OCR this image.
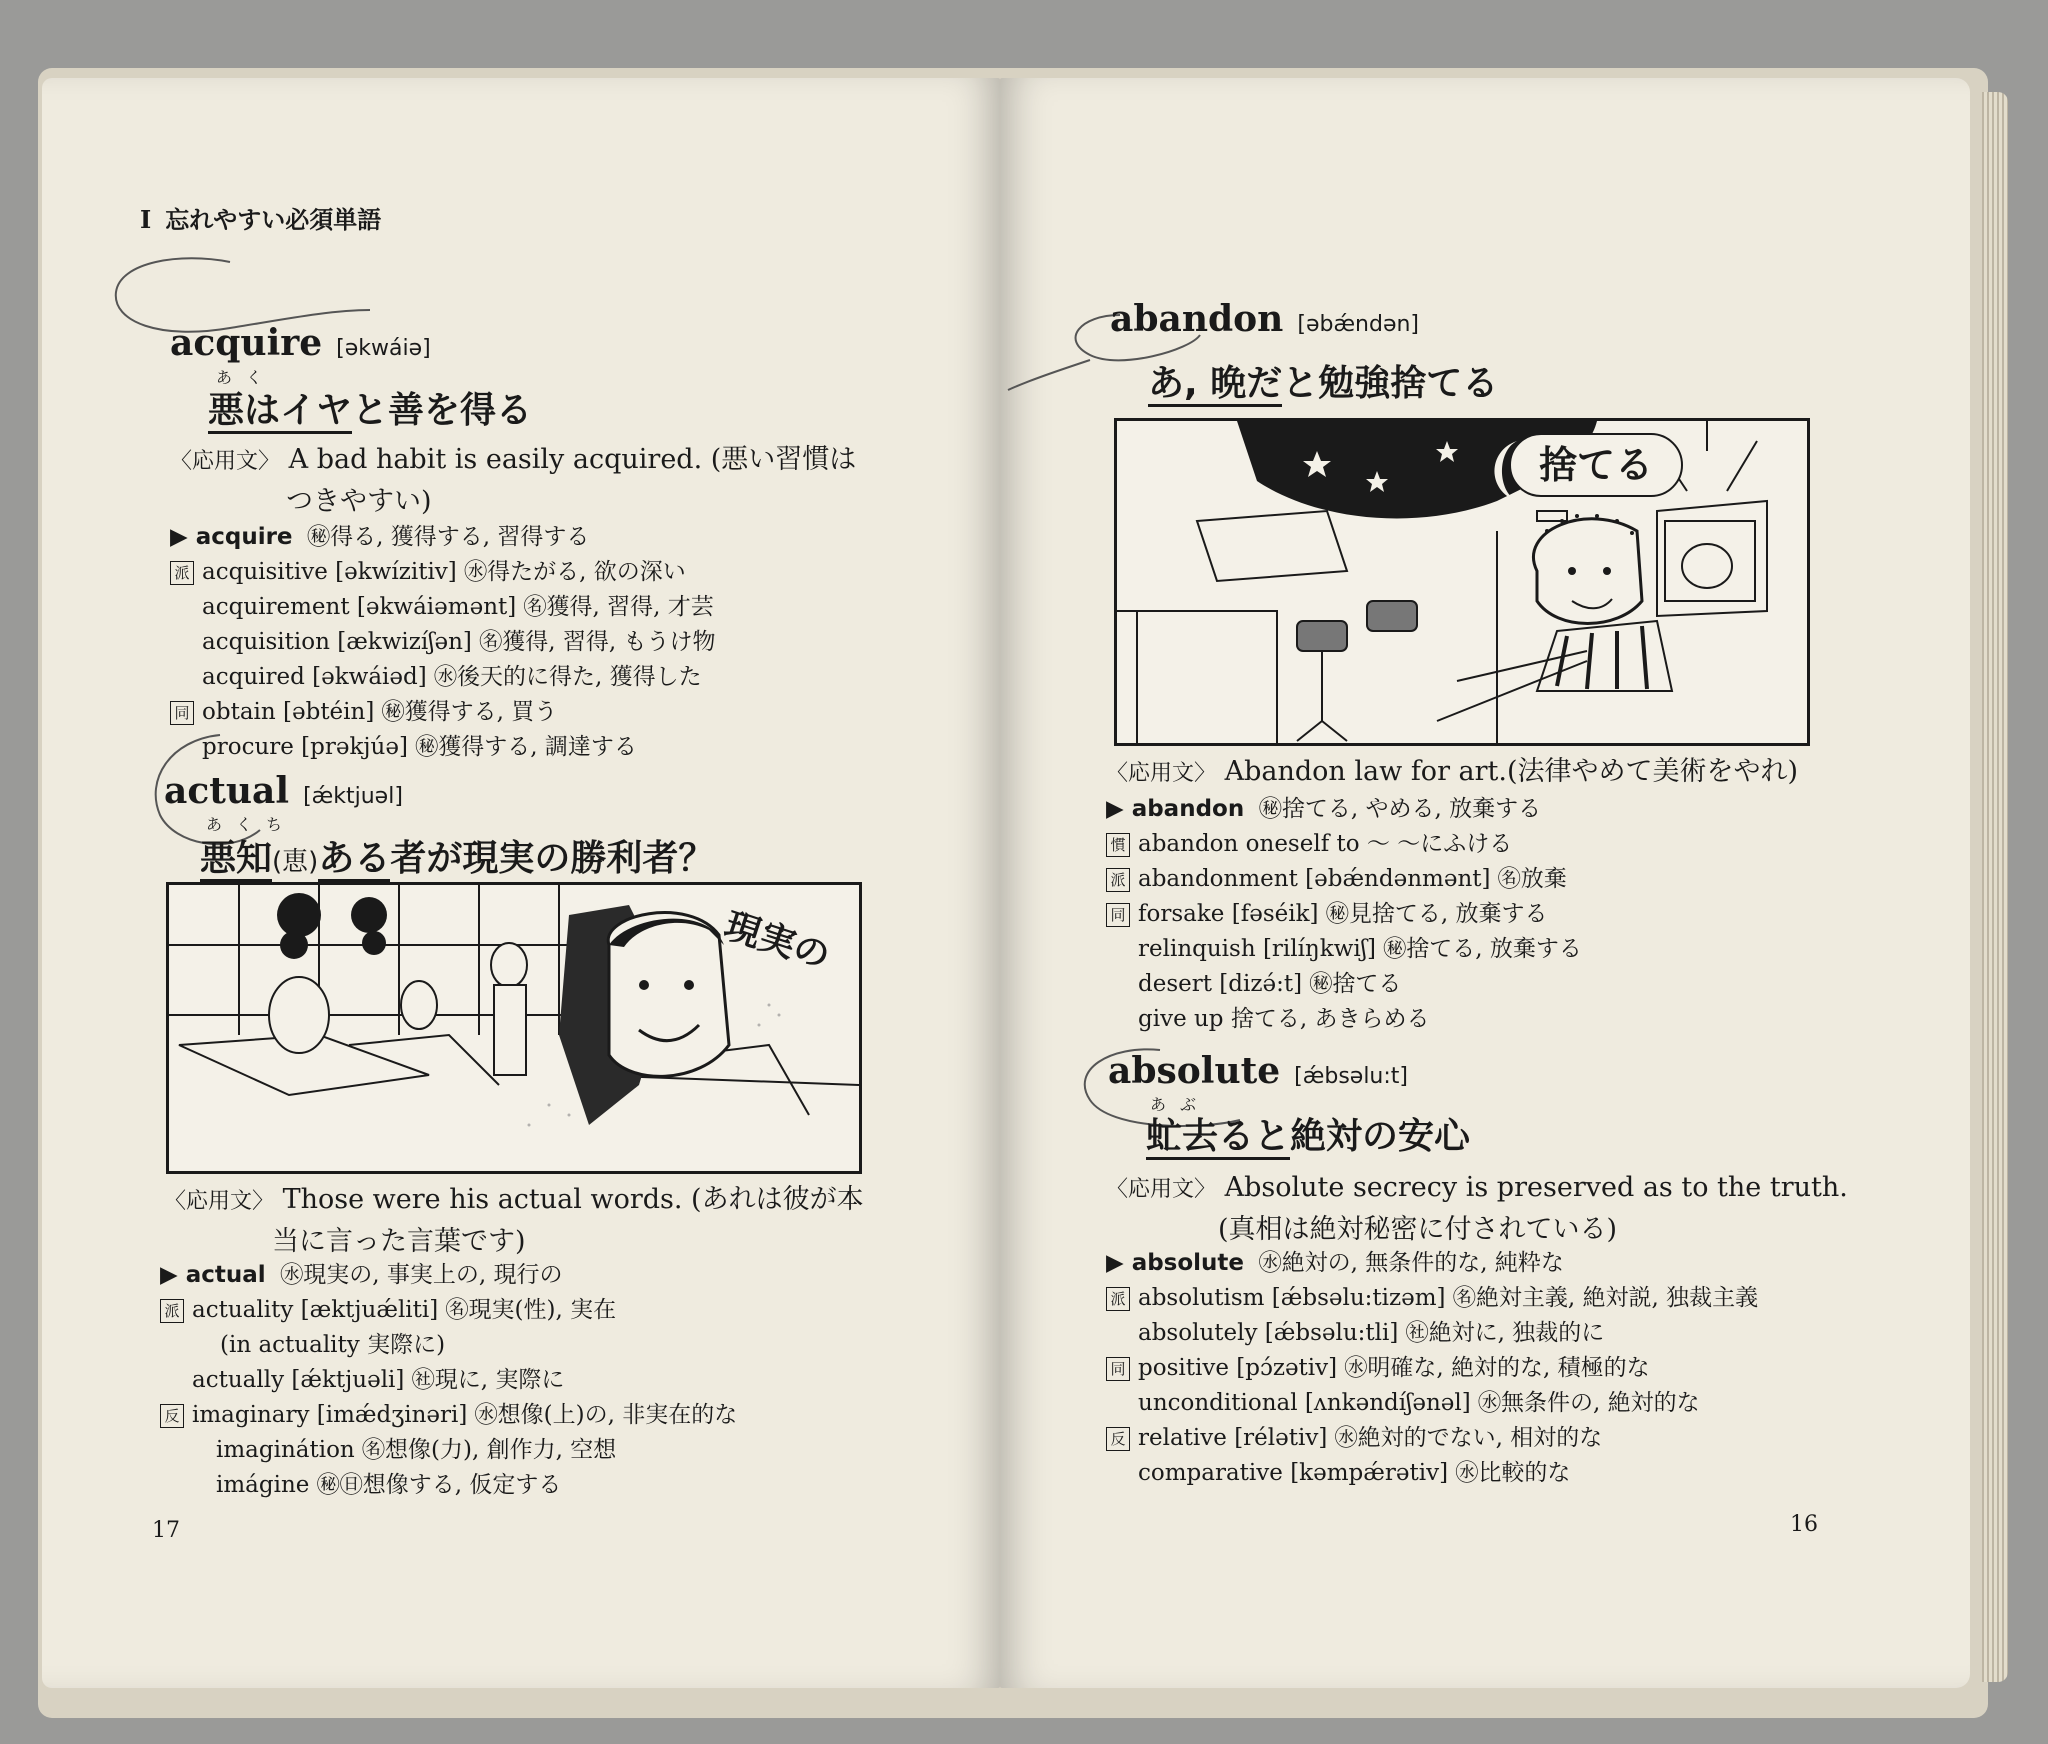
I 忘れやすい必須単語
acquire [əkwáiə]
あく
悪はイヤと善を得る
〈応用文〉 A bad habit is easily acquired. (悪い習慣は
つきやすい)
▶ acquire ㊙得る, 獲得する, 習得する
派 acquisitive [əkwízitiv] ㊌得たがる, 欲の深い
acquirement [əkwáiəmənt] ㊔獲得, 習得, 才芸
acquisition [ækwizíʃən] ㊔獲得, 習得, もうけ物
acquired [əkwáiəd] ㊌後天的に得た, 獲得した
同 obtain [əbtéin] ㊙獲得する, 買う
procure [prəkjúə] ㊙獲得する, 調達する
actual [ǽktjuəl]
あくち
悪知(恵)ある者が現実の勝利者？
現実の
〈応用文〉 Those were his actual words. (あれは彼が本
当に言った言葉です)
▶ actual ㊌現実の, 事実上の, 現行の
派 actuality [æktjuǽliti] ㊔現実(性), 実在
(in actuality 実際に)
actually [ǽktjuəli] ㊓現に, 実際に
反 imaginary [imǽdʒinəri] ㊌想像(上)の, 非実在的な
imaginátion ㊔想像(力), 創作力, 空想
imágine ㊙㊐想像する, 仮定する
17
abandon [əbǽndən]
あ, 晩だと勉強捨てる
捨てる
〈応用文〉 Abandon law for art.(法律やめて美術をやれ)
▶ abandon ㊙捨てる, やめる, 放棄する
慣 abandon oneself to ～ ～にふける
派 abandonment [əbǽndənmənt] ㊔放棄
同 forsake [fəséik] ㊙見捨てる, 放棄する
relinquish [rilíŋkwiʃ] ㊙捨てる, 放棄する
desert [dizə́:t] ㊙捨てる
give up 捨てる, あきらめる
absolute [ǽbsəlu:t]
あぶ
虻去ると絶対の安心
〈応用文〉 Absolute secrecy is preserved as to the truth.
(真相は絶対秘密に付されている)
▶ absolute ㊌絶対の, 無条件的な, 純粋な
派 absolutism [ǽbsəlu:tizəm] ㊔絶対主義, 絶対説, 独裁主義
absolutely [ǽbsəlu:tli] ㊓絶対に, 独裁的に
同 positive [pɔ́zətiv] ㊌明確な, 絶対的な, 積極的な
unconditional [ʌnkəndíʃənəl] ㊌無条件の, 絶対的な
反 relative [rélətiv] ㊌絶対的でない, 相対的な
comparative [kəmpǽrətiv] ㊌比較的な
16
